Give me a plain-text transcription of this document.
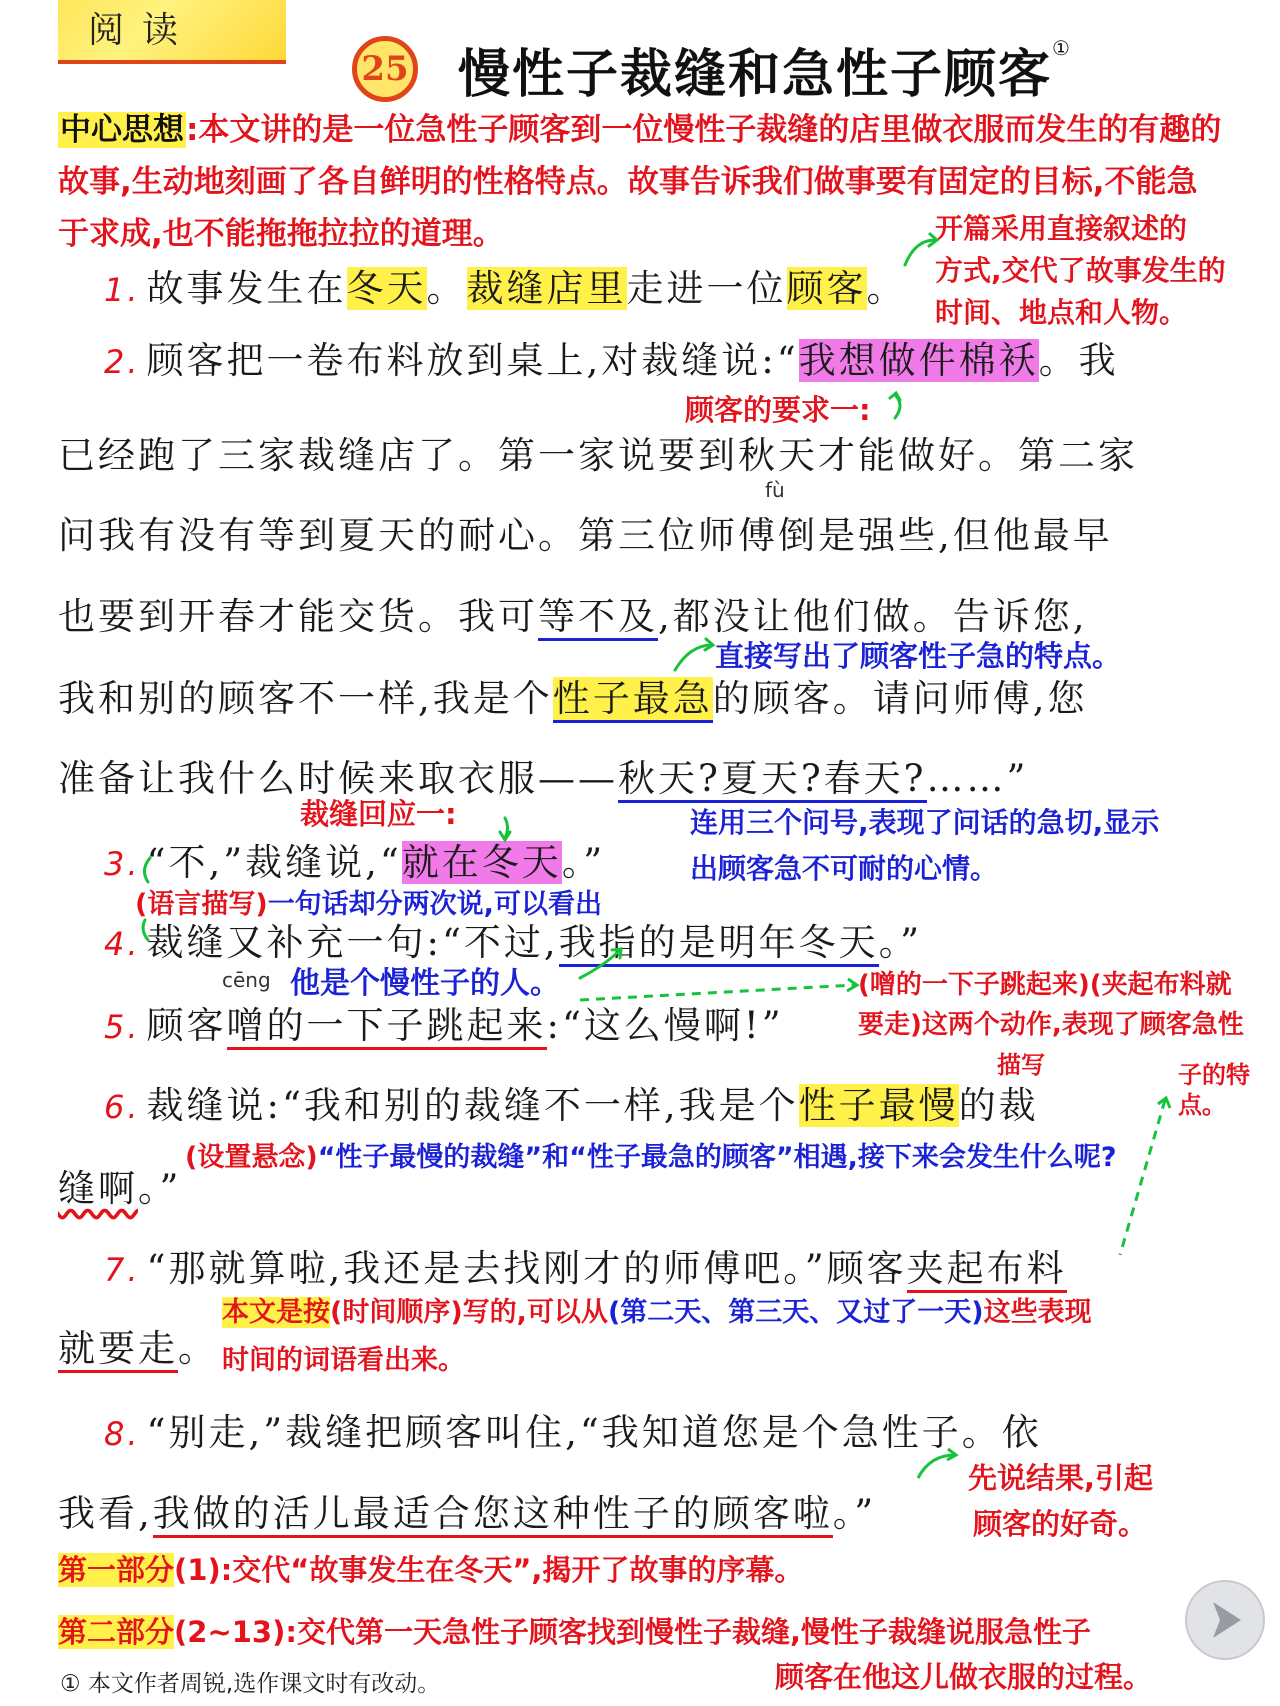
阅读
25 慢性子裁缝和急性子顾客①
中心思想:本文讲的是一位急性子顾客到一位慢性子裁缝的店里做衣服而发生的有趣的故事,生动地刻画了各自鲜明的性格特点。故事告诉我们做事要有固定的目标,不能急于求成,也不能拖拖拉拉的道理。
1. 故事发生在冬天。裁缝店里走进一位顾客。
开篇采用直接叙述的
方式,交代了故事发生的
时间、地点和人物。
2. 顾客把一卷布料放到桌上,对裁缝说:“我想做件棉袄。我
顾客的要求一:
已经跑了三家裁缝店了。第一家说要到秋天才能做好。第二家
fù
问我有没有等到夏天的耐心。第三位师傅倒是强些,但他最早
也要到开春才能交货。我可等不及,都没让他们做。告诉您,
直接写出了顾客性子急的特点。
我和别的顾客不一样,我是个性子最急的顾客。请问师傅,您
准备让我什么时候来取衣服——秋天?夏天?春天?……”
裁缝回应一:	连用三个问号,表现了问话的急切,显示
出顾客急不可耐的心情。
3. “不,”裁缝说,“就在冬天。”
(语言描写)一句话却分两次说,可以看出
4. 裁缝又补充一句:“不过,我指的是明年冬天。”
cēng 他是个慢性子的人。
5. 顾客噌的一下子跳起来:“这么慢啊!”
(噌的一下子跳起来)(夹起布料就
要走)这两个动作,表现了顾客急性
描写	子的特点。
6. 裁缝说:“我和别的裁缝不一样,我是个性子最慢的裁
缝啊。”
(设置悬念)“性子最慢的裁缝”和“性子最急的顾客”相遇,接下来会发生什么呢?
7. “那就算啦,我还是去找刚才的师傅吧。”顾客夹起布料
本文是按(时间顺序)写的,可以从(第二天、第三天、又过了一天)这些表现
就要走。 时间的词语看出来。
8. “别走,”裁缝把顾客叫住,“我知道您是个急性子。依
我看,我做的活儿最适合您这种性子的顾客啦。”
先说结果,引起
顾客的好奇。
第一部分(1):交代“故事发生在冬天”,揭开了故事的序幕。
第二部分(2~13):交代第一天急性子顾客找到慢性子裁缝,慢性子裁缝说服急性子
顾客在他这儿做衣服的过程。
① 本文作者周锐,选作课文时有改动。
